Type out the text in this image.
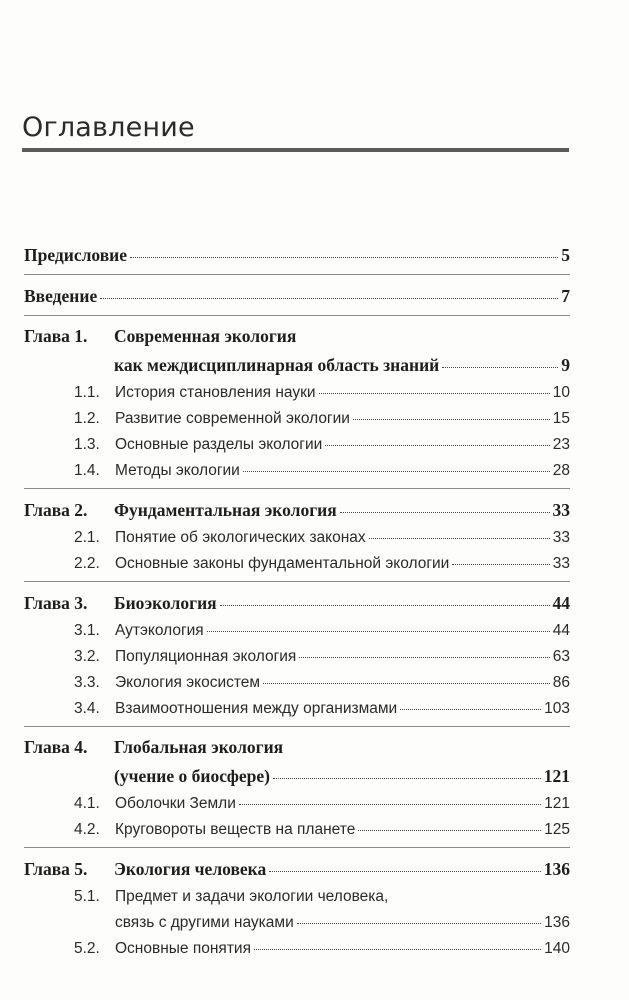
Оглавление
Предисловие	5
Введение	7
Глава 1. Современная экология
как междисциплинарная область знаний	9
1.1. История становления науки	10
1.2. Развитие современной экологии	15
1.3. Основные разделы экологии	23
1.4. Методы экологии	28
Глава 2.	Фундаментальная экология	33
2.1. Понятие об экологических законах	33
2.2. Основные законы фундаментальной экологии	33
Глава 3.	Биоэкология	44
3.1. Аутэкология	44
3.2. Популяционная экология	63
3.3. Экология экосистем	86
3.4. Взаимоотношения между организмами	103
Глава 4. Глобальная экология
(учение о биосфере)	121
4.1. Оболочки Земли	121
4.2. Круговороты веществ на планете	125
Глава 5.	Экология человека	136
5.1. Предмет и задачи экологии человека,
связь с другими науками	136
5.2. Основные понятия	140
